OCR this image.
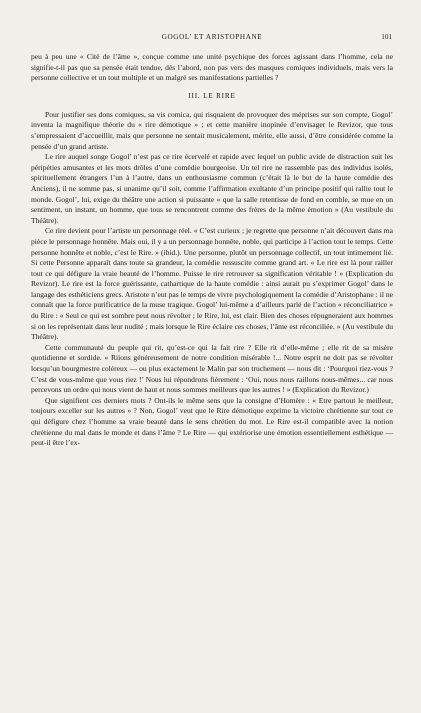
GOGOL’ ET ARISTOPHANE	101

peu à peu une « Cité de l’âme », conçue comme une unité psychique des forces agissant dans l’homme, cela ne signifie-t-il pas que sa pensée était tendue, dès l’abord, non pas vers des masques comiques individuels, mais vers la personne collective et un tout multiple et un malgré ses manifestations partielles ?

III. LE RIRE

Pour justifier ses dons comiques, sa vis comica, qui risquaient de provoquer des méprises sur son compte, Gogol’ inventa la magnifique théorie du « rire démotique » ; et cette manière inopinée d’envisager le Revizor, que tous s’empressaient d’accueillir, mais que personne ne sentait musicalement, mérite, elle aussi, d’être considérée comme la pensée d’un grand artiste.

Le rire auquel songe Gogol’ n’est pas ce rire écervelé et rapide avec lequel un public avide de distraction suit les péripéties amusantes et les mots drôles d’une comédie bourgeoise. Un tel rire ne rassemble pas des individus isolés, spirituellement étrangers l’un à l’autre, dans un enthousiasme commun (c’était là le but de la haute comédie des Anciens), il ne somme pas, si unanime qu’il soit, comme l’affirmation exultante d’un principe positif qui rallie tout le monde. Gogol’, lui, exige du théâtre une action si puissante « que la salle retentisse de fond en comble, se mue en un sentiment, un instant, un homme, que tous se rencontrent comme des frères de la même émotion » (Au vestibule du Théâtre).

Ce rire devient pour l’artiste un personnage réel. « C’est curieux ; je regrette que personne n’ait découvert dans ma pièce le personnage honnête. Mais oui, il y a un personnage honnête, noble, qui participe à l’action tout le temps. Cette personne honnête et noble, c’est le Rire. » (ibid.). Une personne, plutôt un personnage collectif, un tout intimement lié. Si cette Personne apparaît dans toute sa grandeur, la comédie ressuscite comme grand art. « Le rire est là pour railler tout ce qui défigure la vraie beauté de l’homme. Puisse le rire retrouver sa signification véritable ! » (Explication du Revizor). Le rire est la force guérissante, cathartique de la haute comédie : ainsi aurait pu s’exprimer Gogol’ dans le langage des esthéticiens grecs. Aristote n’eut pas le temps de vivre psychologiquement la comédie d’Aristophane : il ne connaît que la force purificatrice de la muse tragique. Gogol’ lui-même a d’ailleurs parlé de l’action « réconciliatrice » du Rire : « Seul ce qui est sombre peut nous révolter ; le Rire, lui, est clair. Bien des choses répugneraient aux hommes si on les représentait dans leur nudité ; mais lorsque le Rire éclaire ces choses, l’âme est réconciliée. » (Au vestibule du Théâtre).

Cette communauté du peuple qui rit, qu’est-ce qui la fait rire ? Elle rit d’elle-même ; elle rit de sa misère quotidienne et sordide. « Riions généreusement de notre condition misérable !... Notre esprit ne doit pas se révolter lorsqu’un bourgmestre coléreux — ou plus exactement le Malin par son truchement — nous dit : ‘Pourquoi riez-vous ? C’est de vous-même que vous riez !’ Nous lui répondrons fièrement : ‘Oui, nous nous raillons nous-mêmes... car nous percevons un ordre qui nous vient de haut et nous sommes meilleurs que les autres ! » (Explication du Revizor.)

Que signifient ces derniers mots ? Ont-ils le même sens que la consigne d’Homère : « Etre partout le meilleur, toujours exceller sur les autres » ? Non, Gogol’ veut que le Rire démotique exprime la victoire chrétienne sur tout ce qui défigure chez l’homme sa vraie beauté dans le sens chrétien du mot. Le Rire est-il compatible avec la notion chrétienne du mal dans le monde et dans l’âme ? Le Rire — qui extériorise une émotion essentiellement esthétique — peut-il être l’ex-
